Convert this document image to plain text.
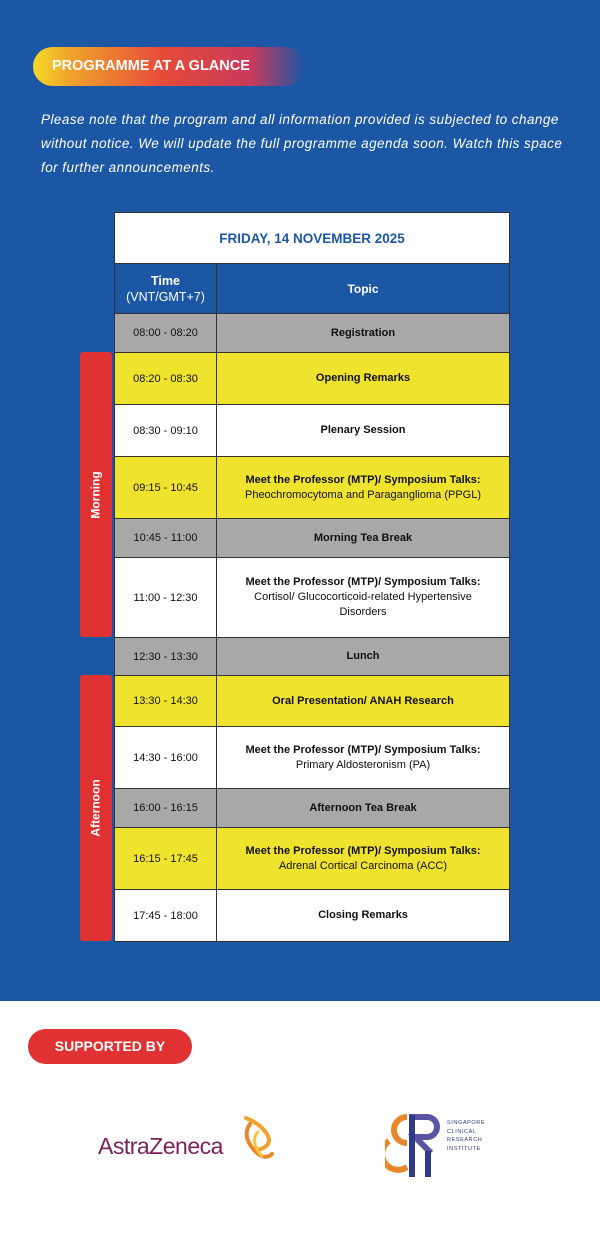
PROGRAMME AT A GLANCE

Please note that the program and all information provided is subjected to change without notice. We will update the full programme agenda soon. Watch this space for further announcements.

Morning
Afternoon
FRIDAY, 14 NOVEMBER 2025	

Time
(VNT/GMT+7)	Topic
08:00 - 08:20	Registration

08:20 - 08:30	Opening Remarks

08:30 - 09:10	Plenary Session

09:15 - 10:45	Meet the Professor (MTP)/ Symposium Talks:
Pheochromocytoma and Paraganglioma (PPGL)

10:45 - 11:00	Morning Tea Break

11:00 - 12:30	Meet the Professor (MTP)/ Symposium Talks:
Cortisol/ Glucocorticoid-related Hypertensive Disorders

12:30 - 13:30	Lunch

13:30 - 14:30	Oral Presentation/ ANAH Research

14:30 - 16:00	Meet the Professor (MTP)/ Symposium Talks:
Primary Aldosteronism (PA)

16:00 - 16:15	Afternoon Tea Break

16:15 - 17:45	Meet the Professor (MTP)/ Symposium Talks:
Adrenal Cortical Carcinoma (ACC)

17:45 - 18:00	Closing Remarks
SUPPORTED BY
AstraZeneca
SINGAPORE
CLINICAL
RESEARCH
INSTITUTE
